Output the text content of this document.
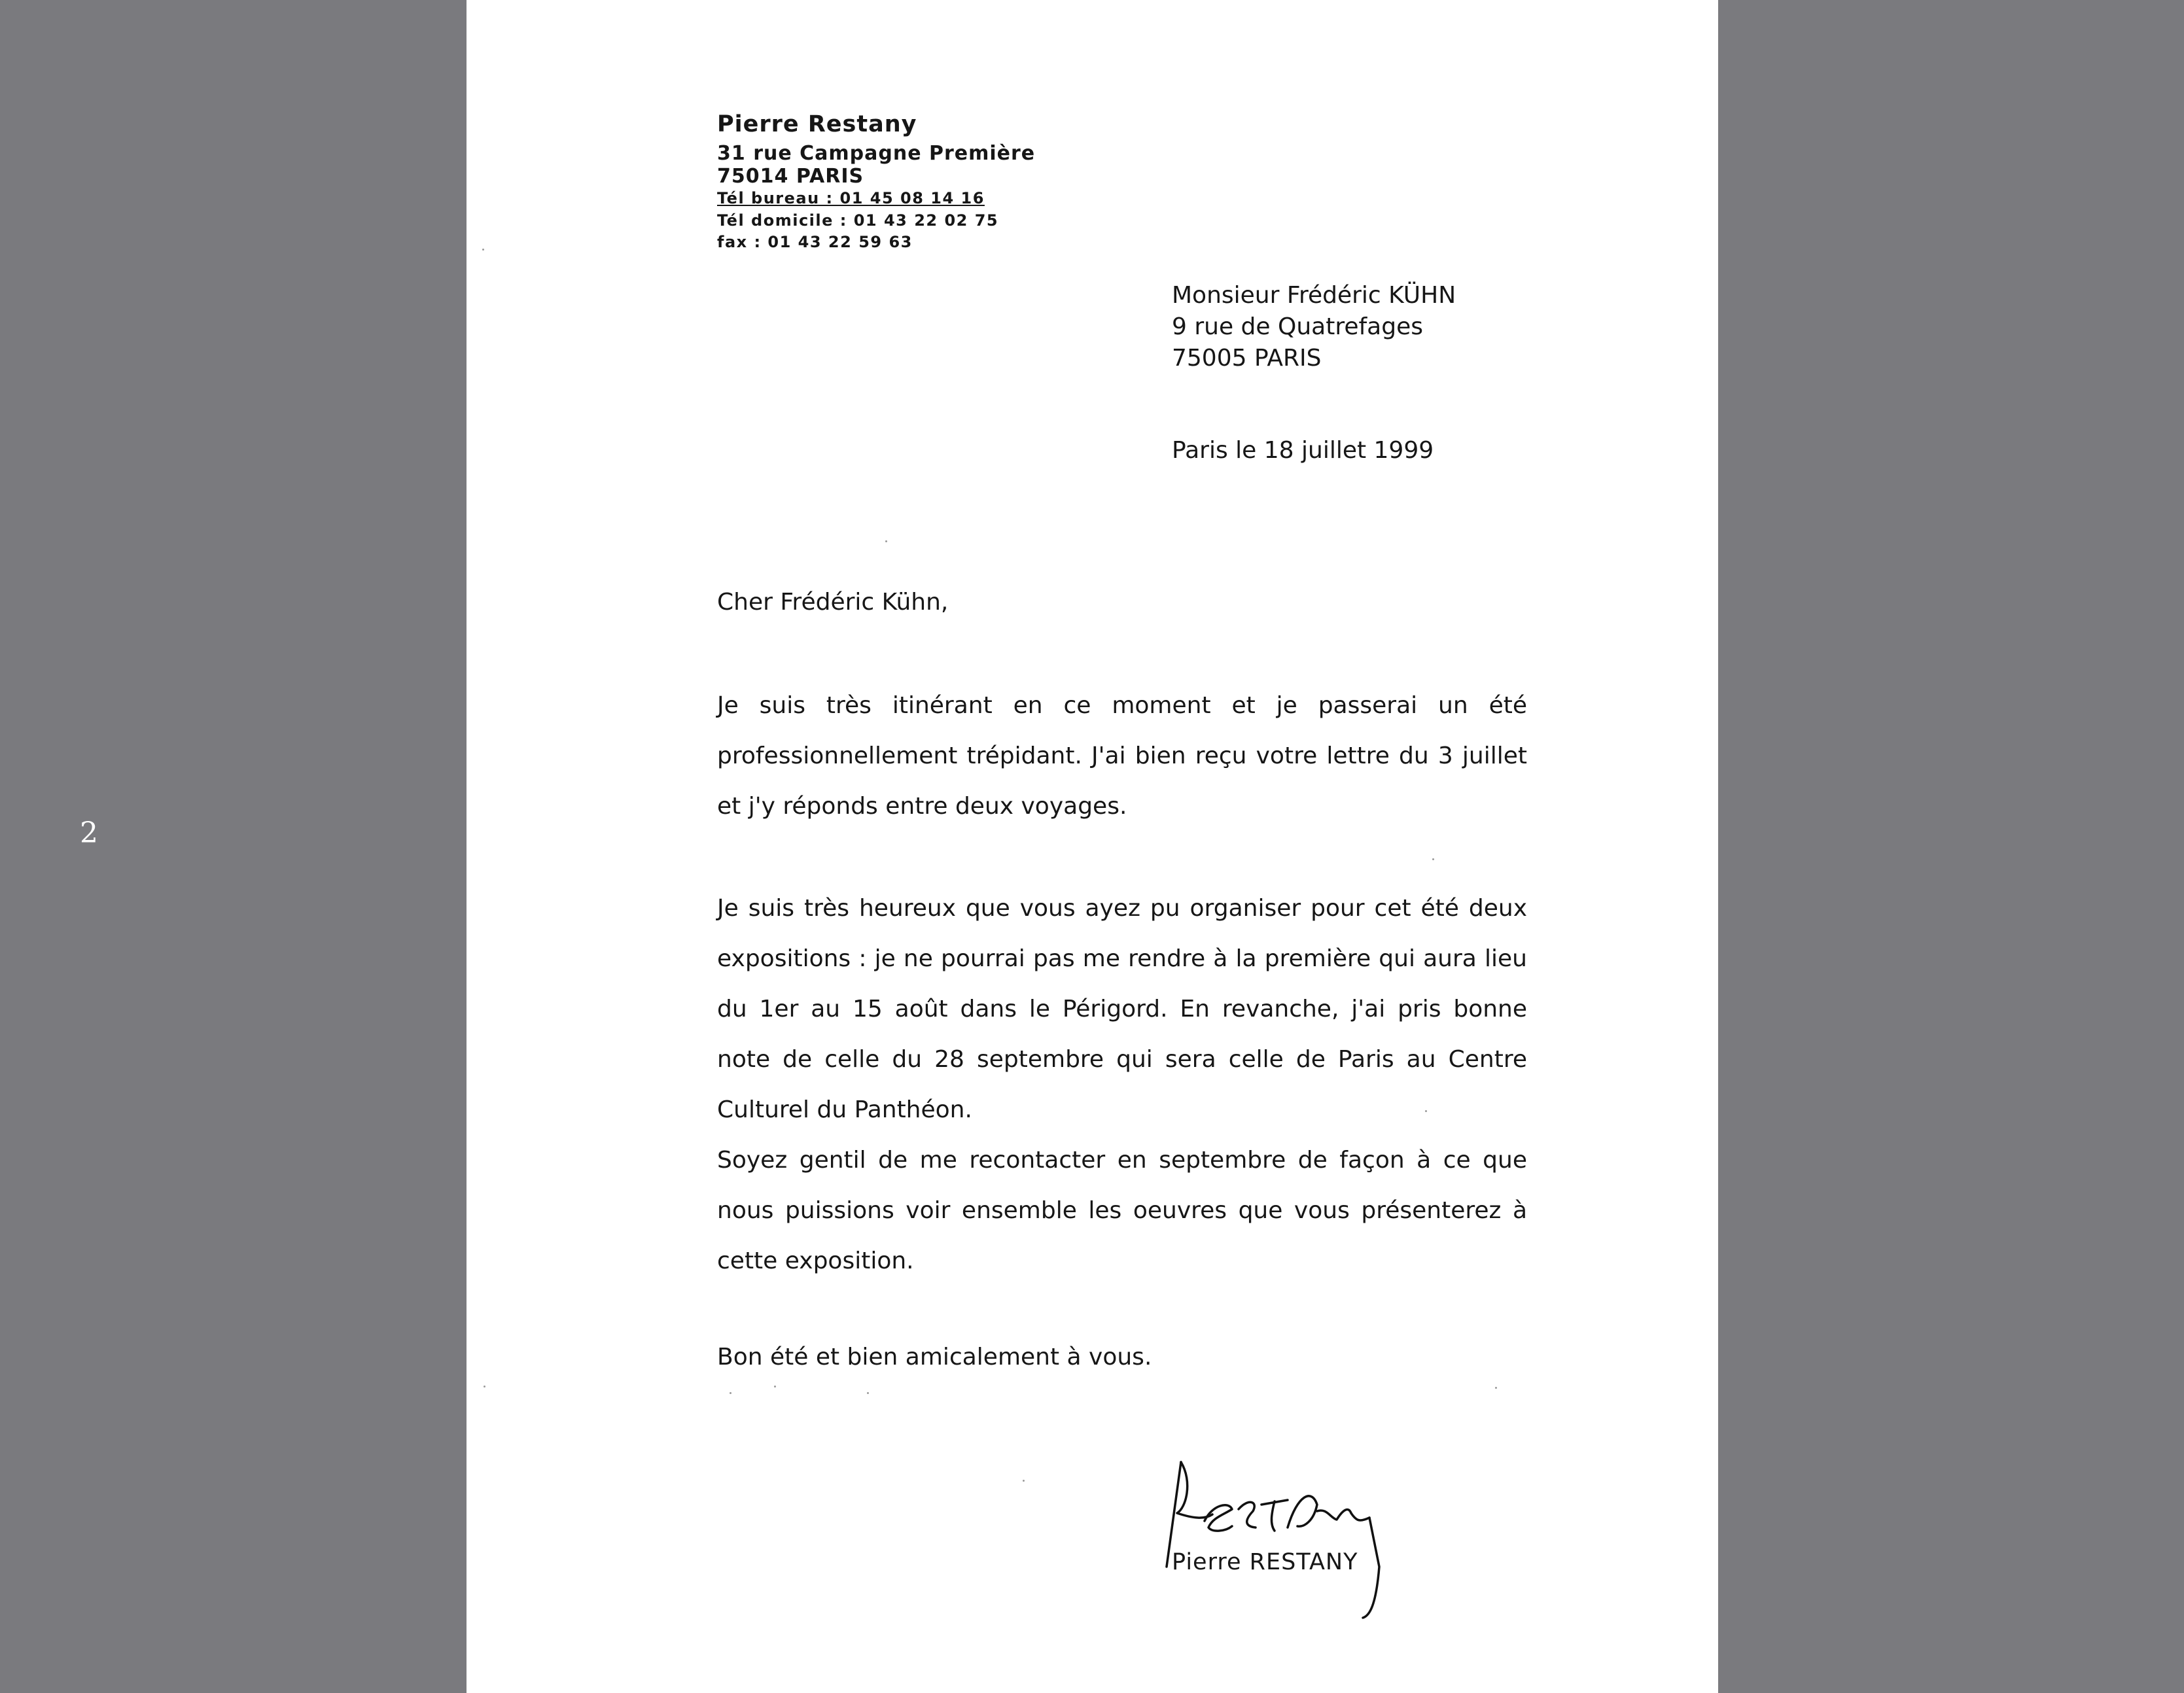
2
Pierre Restany
31 rue Campagne Première
75014 PARIS
Tél bureau : 01 45 08 14 16
Tél domicile : 01 43 22 02 75
fax : 01 43 22 59 63
Monsieur Frédéric KÜHN
9 rue de Quatrefages
75005 PARIS
Paris le 18 juillet 1999
Cher Frédéric Kühn,
Je suis très itinérant en ce moment et je passerai un été professionnellement trépidant. J'ai bien reçu votre lettre du 3 juillet et j'y réponds entre deux voyages.
Je suis très heureux que vous ayez pu organiser pour cet été deux expositions : je ne pourrai pas me rendre à la première qui aura lieu du 1er au 15 août dans le Périgord. En revanche, j'ai pris bonne note de celle du 28 septembre qui sera celle de Paris au Centre Culturel du Panthéon.
Soyez gentil de me recontacter en septembre de façon à ce que nous puissions voir ensemble les oeuvres que vous présenterez à cette exposition.
Bon été et bien amicalement à vous.
Pierre RESTANY
